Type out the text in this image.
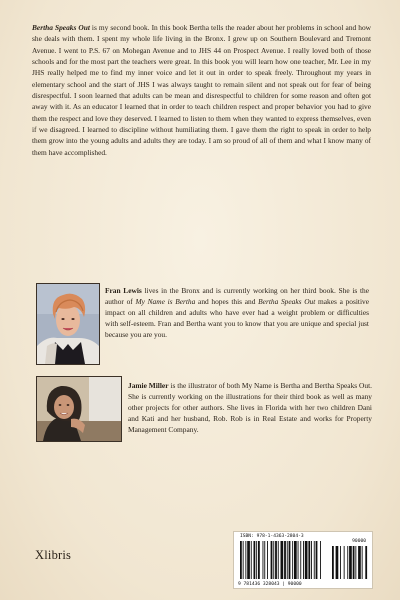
Bertha Speaks Out is my second book. In this book Bertha tells the reader about her problems in school and how she deals with them. I spent my whole life living in the Bronx. I grew up on Southern Boulevard and Tremont Avenue. I went to P.S. 67 on Mohegan Avenue and to JHS 44 on Prospect Avenue. I really loved both of those schools and for the most part the teachers were great. In this book you will learn how one teacher, Mr. Lee in my JHS really helped me to find my inner voice and let it out in order to speak freely. Throughout my years in elementary school and the start of JHS I was always taught to remain silent and not speak out for fear of being disrespectful. I soon learned that adults can be mean and disrespectful to children for some reason and often got away with it. As an educator I learned that in order to teach children respect and proper behavior you had to give them the respect and love they deserved. I learned to listen to them when they wanted to express themselves, even if we disagreed. I learned to discipline without humiliating them. I gave them the right to speak in order to help them grow into the young adults and adults they are today. I am so proud of all of them and what I know many of them have accomplished.
Fran Lewis lives in the Bronx and is currently working on her third book. She is the author of My Name is Bertha and hopes this and Bertha Speaks Out makes a positive impact on all children and adults who have ever had a weight problem or difficulties with self-esteem. Fran and Bertha want you to know that you are unique and special just because you are you.
Jamie Miller is the illustrator of both My Name is Bertha and Bertha Speaks Out. She is currently working on the illustrations for their third book as well as many other projects for other authors. She lives in Florida with her two children Dani and Kati and her husband, Rob. Rob is in Real Estate and works for Property Management Company.
Xlibris
ISBN: 978-1-4363-2804-3
90000
9 781436 328043 | 90000
